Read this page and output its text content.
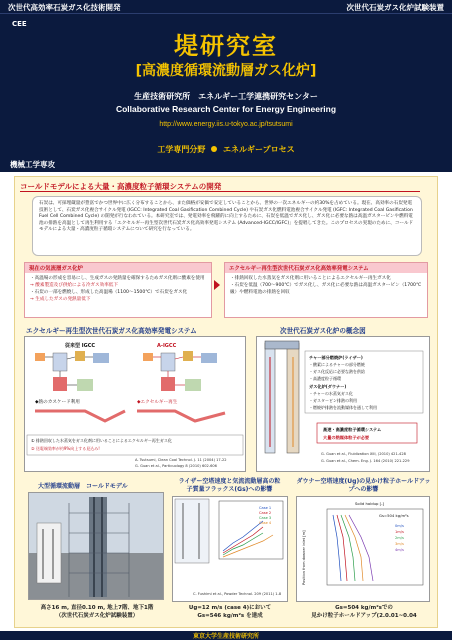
次世代高効率石炭ガス化技術開発	次世代石炭ガス化炉試験装置
CEE
堤研究室
[高濃度循環流動層ガス化炉]
生産技術研究所　エネルギー工学連携研究センター
Collaborative Research Center for Energy Engineering
http://www.energy.iis.u-tokyo.ac.jp/tsutsumi
工学専門分野 エネルギープロセス
機械工学専攻
コールドモデルによる大量・高濃度粒子循環システムの開発
石炭は、可採埋蔵量が豊富でかつ世界中に広く分布することから、また価格が安価で安定していることから、世界の一次エネルギーの約30%を占めている。現在、高効率の石炭発電技術として、石炭ガス化複合サイクル発電 (IGCC: Integrated Coal Gasification Combined Cycle) や石炭ガス化燃料電池複合サイクル発電 (IGFC: Integrated Coal Gasification Fuel Cell Combined Cycle) の開発が行なわれている。本研究室では、発電効率を飛躍的に向上するために、石炭を低温でガス化し、ガス化に必要な熱は高温ガスタービンや燃料電池の排熱を高温として再生利用する「エクセルギー再生型次世代石炭ガス化高効率発電システム (Advanced-IGCC/IGFC)」を提唱してきた。このプロセスの実現のために、コールドモデルによる大量・高濃度粒子循環システムについて研究を行なっている。
現在の気流層ガス化炉
・高温場の形成を容易にし、生成ガスの発熱量を確保するためガス化剤に酸素を使用
→ 酸素製造及び供給による冷ガス効率低下
・石炭の一部を燃焼し、形成した高温場（1100〜1500℃）で石炭をガス化
→ 生成したガスの発熱量低下
エクセルギー再生型次世代石炭ガス化高効率発電システム
・排熱回収した水蒸気をガス化剤に用いることによるエクセルギー再生ガス化
・石炭を低温（700〜900℃）でガス化し、ガス化に必要な熱は高温ガスタービン（1700℃級）や燃料電池の排熱を回収
エクセルギー再生型次世代石炭ガス化高効率発電システム
従来型 IGCC	A-IGCC
◆熱のカスケード利用	◆エクセルギー再生
① 排熱回収した水蒸気をガス化剤に用いることによるエクセルギー再生ガス化
② 送電端効率が約9%向上する見込み!
A. Tsutsumi, Clean Coal Technol. J. 11 (2004) 17-22
G. Guan et al., Particuology 8 (2010) 602-606
次世代石炭ガス化炉の概念図
チャー部分燃焼炉(ライザー)
・酸素によるチャーの部分燃焼
・ガス化反応に必要な熱を供給
・高濃度粒子循環
ガス化炉(ダウナー)
・チャーの水蒸気ガス化
・ガスタービン排熱の利用
・燃焼炉排熱を流動媒体を通して利用
高速・高濃度粒子循環システム
大量の熱媒体粒子が必要
G. Guan et al., Fluidization XIII, (2010) 421-428
G. Guan et al., Chem. Eng. J. 164 (2010) 221-229
大型循環流動層　コールドモデル
高さ16 m, 直径0.10 m, 地上7階、地下1階
（次世代石炭ガス化炉試験装置）
ライザー空塔速度と気流流動層高の粒子質量フラックス(Gs)への影響
Case 1
Case 2
Case 3
Case 4
C. Fushimi et al., Powder Technol. 209 (2011) 1-8
Ug=12 m/s (case 4)において
Gs=546 kg/m²s を達成
ダウナー空塔速度(Ug)の見かけ粒子ホールドアップへの影響
Solid holdup [-]
Position from downer inlet [m]
Gs=504 kg/m²s
0m/s
1m/s
2m/s
3m/s
4m/s
Gs=504 kg/m²sでの
見かけ粒子ホールドアップ(2.0.01~0.04
東京大学生産技術研究所
